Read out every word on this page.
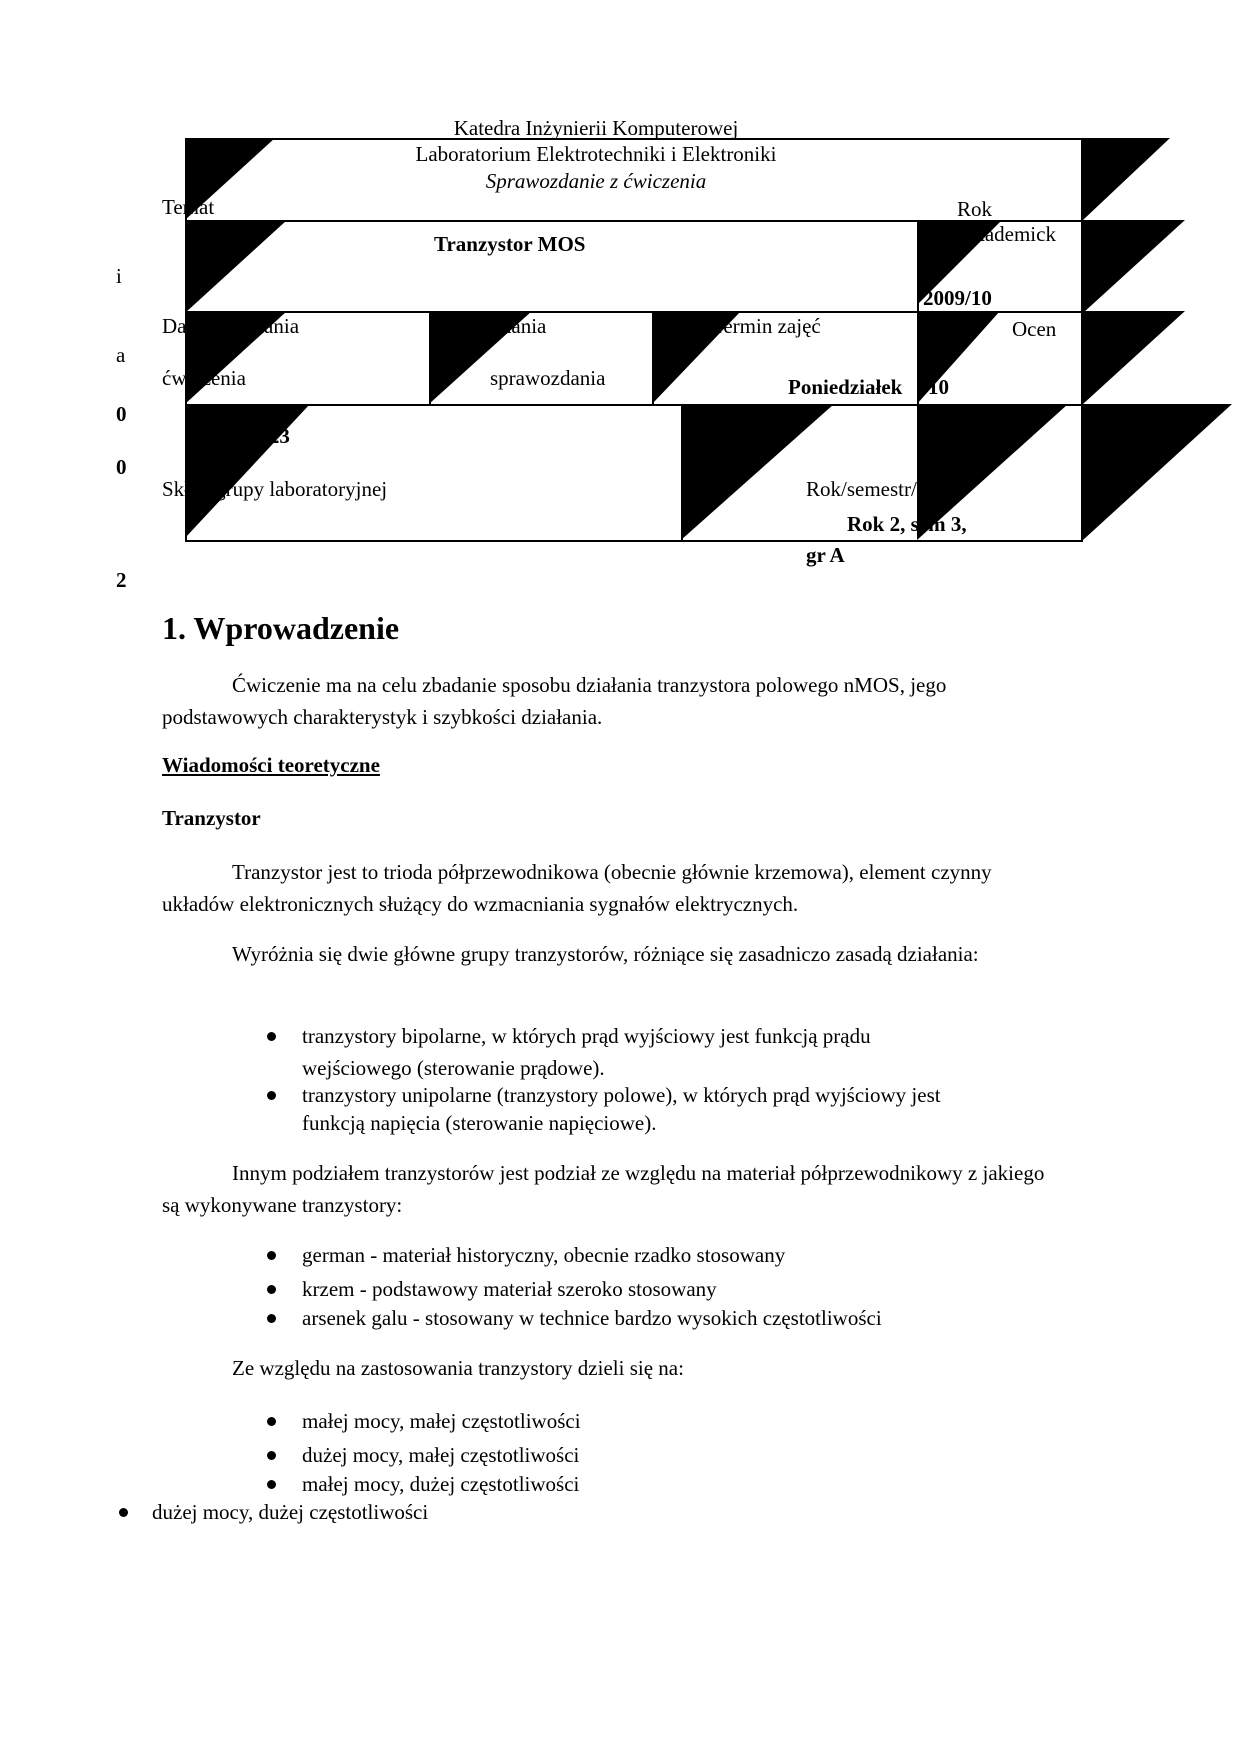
Katedra Inżynierii Komputerowej
Laboratorium Elektrotechniki i Elektroniki
Sprawozdanie z ćwiczenia
Temat
Tranzystor MOS
Rok
akademick
2009/10
Data wykonania
ćwiczenia
Data oddania
sprawozdania
Termin zajęć
Poniedziałek 10
Ocen
2009-11-23
Skład grupy laboratoryjnej	Rok/semestr/grupa
Rok 2, sem 3,
gr A
i
a
0
0
2
1. Wprowadzenie
Ćwiczenie ma na celu zbadanie sposobu działania tranzystora polowego nMOS, jego podstawowych charakterystyk i szybkości działania.
Wiadomości teoretyczne
Tranzystor
Tranzystor jest to trioda półprzewodnikowa (obecnie głównie krzemowa), element czynny układów elektronicznych służący do wzmacniania sygnałów elektrycznych.
Wyróżnia się dwie główne grupy tranzystorów, różniące się zasadniczo zasadą działania:
tranzystory bipolarne, w których prąd wyjściowy jest funkcją prądu
wejściowego (sterowanie prądowe).
tranzystory unipolarne (tranzystory polowe), w których prąd wyjściowy jest
funkcją napięcia (sterowanie napięciowe).
Innym podziałem tranzystorów jest podział ze względu na materiał półprzewodnikowy z jakiego są wykonywane tranzystory:
german - materiał historyczny, obecnie rzadko stosowany
krzem - podstawowy materiał szeroko stosowany
arsenek galu - stosowany w technice bardzo wysokich częstotliwości
Ze względu na zastosowania tranzystory dzieli się na:
małej mocy, małej częstotliwości
dużej mocy, małej częstotliwości
małej mocy, dużej częstotliwości
dużej mocy, dużej częstotliwości
